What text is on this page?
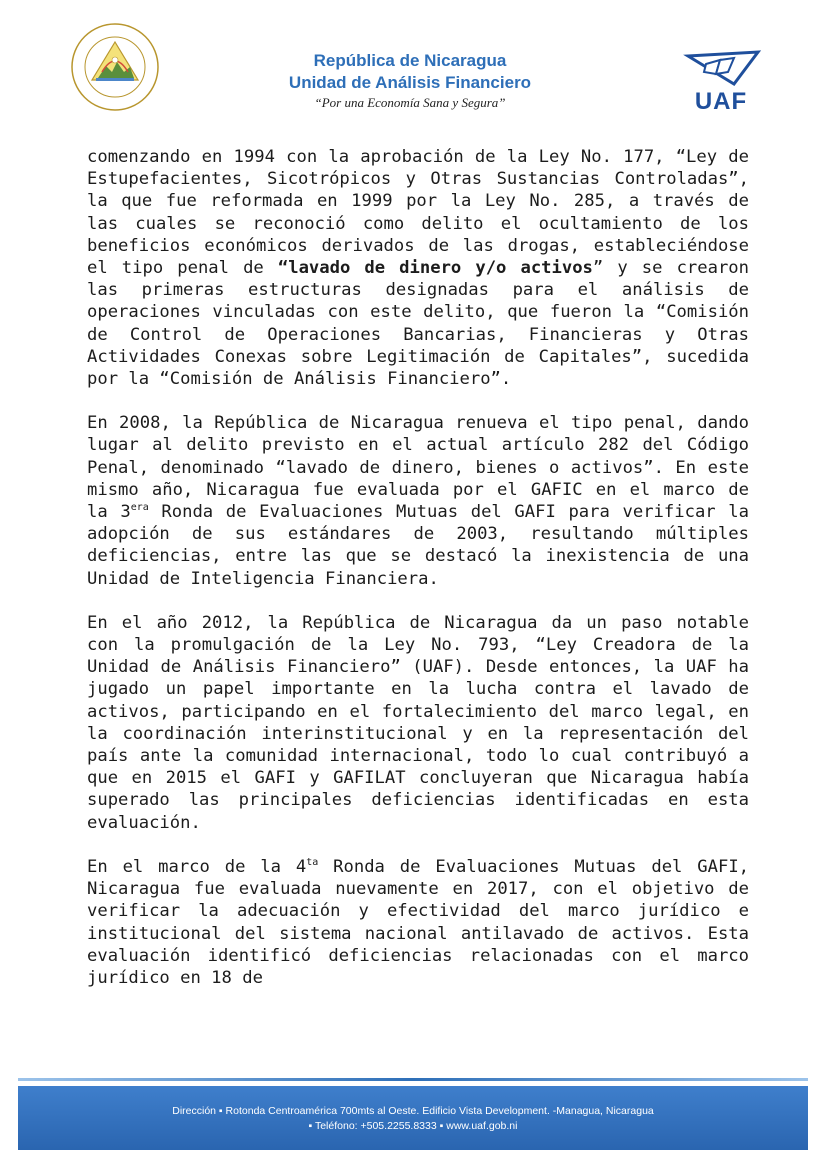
República de Nicaragua
Unidad de Análisis Financiero
“Por una Economía Sana y Segura”	UAF

comenzando en 1994 con la aprobación de la Ley No. 177, “Ley de Estupefacientes, Sicotrópicos y Otras Sustancias Controladas”, la que fue reformada en 1999 por la Ley No. 285, a través de las cuales se reconoció como delito el ocultamiento de los beneficios económicos derivados de las drogas, estableciéndose el tipo penal de “lavado de dinero y/o activos” y se crearon las primeras estructuras designadas para el análisis de operaciones vinculadas con este delito, que fueron la “Comisión de Control de Operaciones Bancarias, Financieras y Otras Actividades Conexas sobre Legitimación de Capitales”, sucedida por la “Comisión de Análisis Financiero”.

En 2008, la República de Nicaragua renueva el tipo penal, dando lugar al delito previsto en el actual artículo 282 del Código Penal, denominado “lavado de dinero, bienes o activos”. En este mismo año, Nicaragua fue evaluada por el GAFIC en el marco de la $3^{era}$ Ronda de Evaluaciones Mutuas del GAFI para verificar la adopción de sus estándares de 2003, resultando múltiples deficiencias, entre las que se destacó la inexistencia de una Unidad de Inteligencia Financiera.

En el año 2012, la República de Nicaragua da un paso notable con la promulgación de la Ley No. 793, “Ley Creadora de la Unidad de Análisis Financiero” (UAF). Desde entonces, la UAF ha jugado un papel importante en la lucha contra el lavado de activos, participando en el fortalecimiento del marco legal, en la coordinación interinstitucional y en la representación del país ante la comunidad internacional, todo lo cual contribuyó a que en 2015 el GAFI y GAFILAT concluyeran que Nicaragua había superado las principales deficiencias identificadas en esta evaluación.

En el marco de la $4^{ta}$ Ronda de Evaluaciones Mutuas del GAFI, Nicaragua fue evaluada nuevamente en 2017, con el objetivo de verificar la adecuación y efectividad del marco jurídico e institucional del sistema nacional antilavado de activos. Esta evaluación identificó deficiencias relacionadas con el marco jurídico en 18 de

Dirección ▪ Rotonda Centroamérica 700mts al Oeste. Edificio Vista Development. -Managua, Nicaragua
▪ Teléfono: +505.2255.8333 ▪ www.uaf.gob.ni
